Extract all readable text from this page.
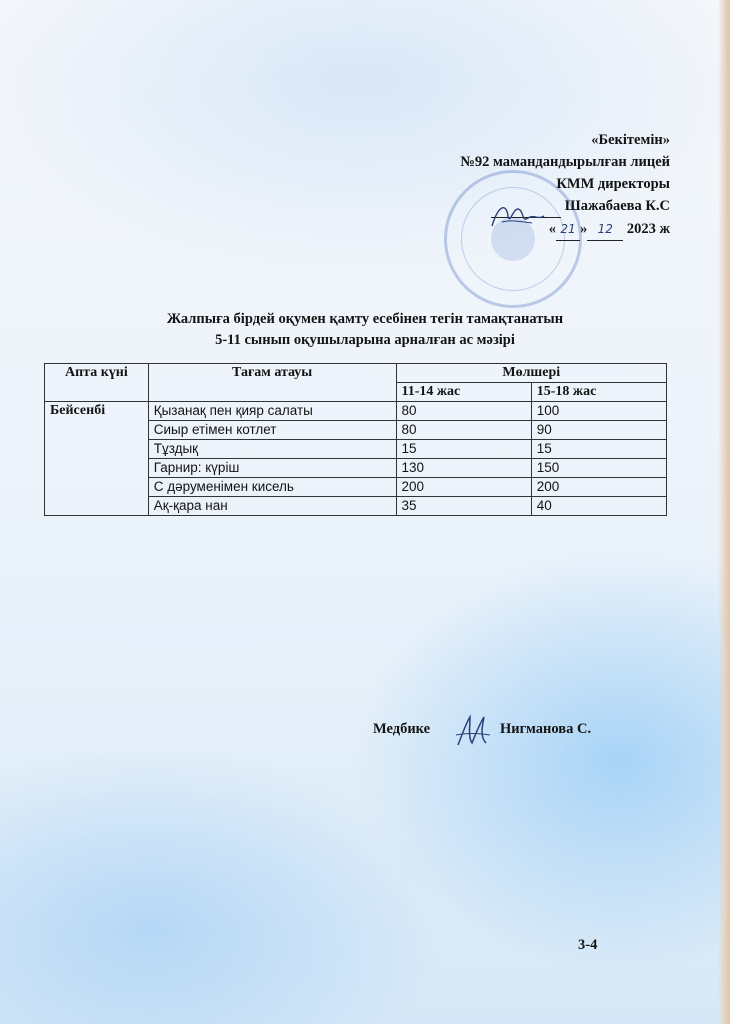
«Бекітемін»
№92 мамандандырылған лицей
КММ директоры
Шажабаева К.С
« 21 » 12 2023 ж
Жалпыға бірдей оқумен қамту есебінен тегін тамақтанатын
5-11 сынып оқушыларына арналған ас мәзірі
Апта күні	Тағам атауы	Мөлшері	
		11-14 жас	15-18 жас
Бейсенбі	Қызанақ пен қияр салаты	80	100
	Сиыр етімен котлет	80	90
	Тұздық	15	15
	Гарнир: күріш	130	150
	С дәруменімен кисель	200	200
	Ақ-қара нан	35	40
Медбике	Нигманова С.
3-4
